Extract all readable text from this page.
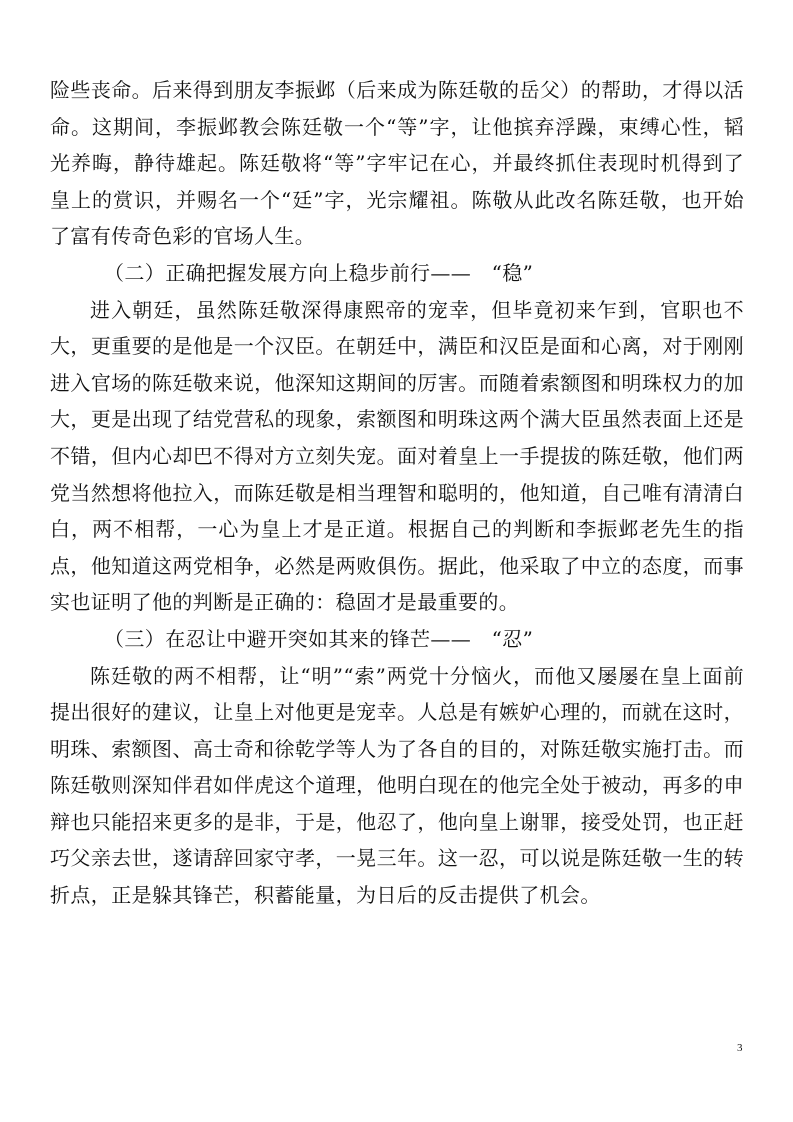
险些丧命。后来得到朋友李振邺（后来成为陈廷敬的岳父）的帮助，才得以活命。这期间，李振邺教会陈廷敬一个“等”字，让他摈弃浮躁，束缚心性，韬光养晦，静待雄起。陈廷敬将“等”字牢记在心，并最终抓住表现时机得到了皇上的赏识，并赐名一个“廷”字，光宗耀祖。陈敬从此改名陈廷敬，也开始了富有传奇色彩的官场人生。

（二）正确把握发展方向上稳步前行——　“稳”

进入朝廷，虽然陈廷敬深得康熙帝的宠幸，但毕竟初来乍到，官职也不大，更重要的是他是一个汉臣。在朝廷中，满臣和汉臣是面和心离，对于刚刚进入官场的陈廷敬来说，他深知这期间的厉害。而随着索额图和明珠权力的加大，更是出现了结党营私的现象，索额图和明珠这两个满大臣虽然表面上还是不错，但内心却巴不得对方立刻失宠。面对着皇上一手提拔的陈廷敬，他们两党当然想将他拉入，而陈廷敬是相当理智和聪明的，他知道，自己唯有清清白白，两不相帮，一心为皇上才是正道。根据自己的判断和李振邺老先生的指点，他知道这两党相争，必然是两败俱伤。据此，他采取了中立的态度，而事实也证明了他的判断是正确的：稳固才是最重要的。

（三）在忍让中避开突如其来的锋芒——　“忍”

陈廷敬的两不相帮，让“明”“索”两党十分恼火，而他又屡屡在皇上面前提出很好的建议，让皇上对他更是宠幸。人总是有嫉妒心理的，而就在这时，明珠、索额图、高士奇和徐乾学等人为了各自的目的，对陈廷敬实施打击。而陈廷敬则深知伴君如伴虎这个道理，他明白现在的他完全处于被动，再多的申辩也只能招来更多的是非，于是，他忍了，他向皇上谢罪，接受处罚，也正赶巧父亲去世，遂请辞回家守孝，一晃三年。这一忍，可以说是陈廷敬一生的转折点，正是躲其锋芒，积蓄能量，为日后的反击提供了机会。

3
